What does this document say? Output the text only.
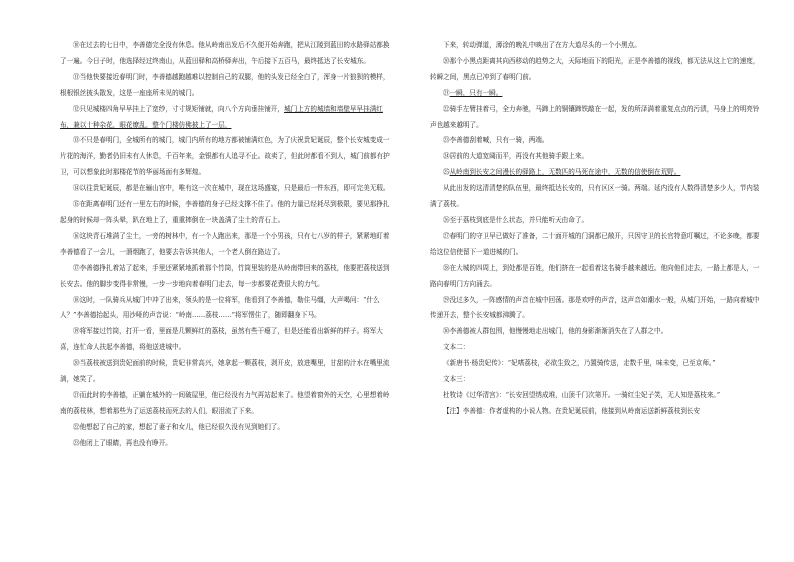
⑩在过去的七日中，李善德完全没有休息。他从岭南出发后不久便开始奔跑，把从江陵到蓝田的水路驿站都换了一遍。今日子时，他选择经过终南山，从蓝田驿和高桥驿奔出，午后接下五百马，最终抵达了长安城东。

⑪当他快要接近春明门时，李善德越跑越难以控制自己的双腿，他的头发已经全白了，浑身一片狼狈的模样，根根银丝披头散发，这是一座座所未见的城门。

⑫只见城楼四角早早挂上了宽纱，寸寸规矩铺就，向八个方向垂挂铺开，城门上方的城墙和墙壁早早挂满红布，兼以十种杂花，眼花缭乱，整个门楼仿佛披上了一层，

⑬不只是春明门，全城所有的城门，城门内所有的地方都被铺满红色，为了庆祝贵妃诞辰，整个长安城变成一片花的海洋，勤者仍旧未有人休息，千百年来，金银都有人追寻不止。故卖了，但此时都看不到人，城门前都有护卫，可以想象此时那楼花节的华丽场面有多辉煌。

⑭以往贵妃诞辰，都是在骊山宫中，唯有这一次在城中，现在这场盛宴，只是最后一件东西，即可完美无瑕。

⑮在距离春明门还有一里左右的时候，李善德的身子已经支撑不住了。他的力量已经耗尽到极限，要见那挣扎起身的时候却一阵头晕，趴在地上了，重重摔倒在一块盖满了尘土的青石上。

⑯这块青石堆满了尘土，一旁的树林中，有一个人跑出来，那是一个小男孩，只有七八岁的样子，紧紧地盯着李善德看了一会儿，一溜烟跑了，他要去告诉其他人，一个老人倒在路边了。

⑰李善德挣扎着站了起来，手里还紧紧地抓着那个竹筒，竹筒里装的是从岭南带回来的荔枝，他要把荔枝送到长安去。他的脚步变得非常慢，一步一步地向着春明门走去，每一步都要花费很大的力气。

⑱这时，一队骑兵从城门中冲了出来，领头的是一位将军，他看到了李善德，勒住马缰，大声喝问：“什么人？”李善德抬起头，用沙哑的声音说：“岭南……荔枝……”将军愣住了，随即翻身下马。

⑲将军接过竹筒，打开一看，里面是几颗鲜红的荔枝，虽然有些干瘪了，但是还能看出新鲜的样子。将军大喜，连忙命人扶起李善德，将他送进城中。

⑳当荔枝被送到贵妃面前的时候，贵妃非常高兴，她拿起一颗荔枝，剥开皮，放进嘴里，甘甜的汁水在嘴里流淌，她笑了。

㉑而此时的李善德，正躺在城外的一间破屋里，他已经没有力气再站起来了。他望着窗外的天空，心里想着岭南的荔枝林，想着那些为了运送荔枝而死去的人们，眼泪流了下来。

㉒他想起了自己的家，想起了妻子和女儿，他已经很久没有见到她们了。

㉓他闭上了眼睛，再也没有睁开。

下来，转动弹道，薄涂的晚礼中映出了在方大道尽头的一个小黑点。

⑳那个小黑点距离其向西移动的趋势之大，天际地而下的阳光，正是李善德的视线，都无法从这上它的速度，转瞬之间，黑点已冲到了春明门前。

㉑一瞬，只有一瞬。

㉒骑手左臂挂着弓，全力奔驰，马蹄上的铜镶蹄铁敲在一起，发的所泽满着重复点点的污渍，马身上的明亮铃声也越来越明了。

㉓李善德刮着喊，只有一骑，两端。

㉔居前的大道宽阔而平，再没有其他骑手跟上来。

㉕从岭南到长安之间漫长的驿路上，无数匹的马死在途中，无数的信使倒在荒野。

从此出发的这清清楚的队伍里，最终抵达长安的，只有区区一骑。两端。延内没有人数得清楚多少人，节内装满了荔枝。

㉖至于荔枝到底是什么状态，并只能听天由命了。

㉗春明门的守卫早已做好了准备，二十面开城的门洞都已敞开，只因守卫的长官特意叮嘱过，不论多晚，都要给这位信使留下一道进城的门。

㉘在大城的四周上，到处都是百姓，他们挤在一起看着这名骑手越来越近。他向他们走去，一路上都是人，一路向春明门方向涌去。

㉙没过多久，一阵感情的声音在城中回荡。那是欢呼的声音，这声音如潮水一般，从城门开始，一路向着城中传递开去，整个长安城都沸腾了。

㉚李善德被人群包围，他慢慢地走出城门，他的身影渐渐消失在了人群之中。

文本二：

《新唐书·杨贵妃传》：“妃嗜荔枝，必欲生致之，乃置骑传送，走数千里，味未变，已至京师。”

文本三：

杜牧诗《过华清宫》：“长安回望绣成堆，山顶千门次第开。一骑红尘妃子笑，无人知是荔枝来。”

【注】李善德：作者虚构的小说人物。在贵妃诞辰前，他接到从岭南运送新鲜荔枝到长安
